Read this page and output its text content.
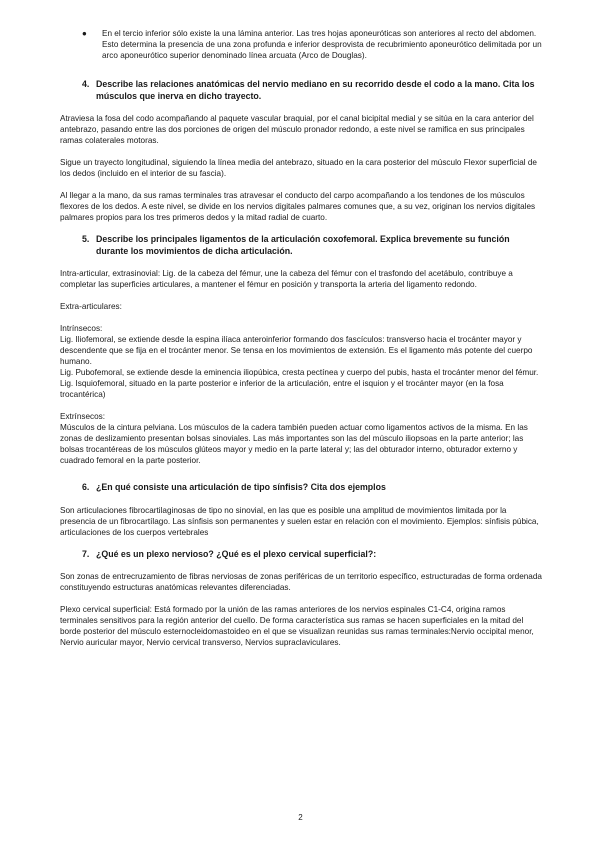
● En el tercio inferior sólo existe la una lámina anterior. Las tres hojas aponeuróticas son anteriores al recto del abdomen. Esto determina la presencia de una zona profunda e inferior desprovista de recubrimiento aponeurótico delimitada por un arco aponeurótico superior denominado línea arcuata (Arco de Douglas).

4. Describe las relaciones anatómicas del nervio mediano en su recorrido desde el codo a la mano. Cita los músculos que inerva en dicho trayecto.

Atraviesa la fosa del codo acompañando al paquete vascular braquial, por el canal bicipital medial y se sitúa en la cara anterior del antebrazo, pasando entre las dos porciones de origen del músculo pronador redondo, a este nivel se ramifica en sus principales ramas colaterales motoras.

Sigue un trayecto longitudinal, siguiendo la línea media del antebrazo, situado en la cara posterior del músculo Flexor superficial de los dedos (incluido en el interior de su fascia).

Al llegar a la mano, da sus ramas terminales tras atravesar el conducto del carpo acompañando a los tendones de los músculos flexores de los dedos. A este nivel, se divide en los nervios digitales palmares comunes que, a su vez, originan los nervios digitales palmares propios para los tres primeros dedos y la mitad radial de cuarto.

5. Describe los principales ligamentos de la articulación coxofemoral. Explica brevemente su función durante los movimientos de dicha articulación.

Intra-articular, extrasinovial: Lig. de la cabeza del fémur, une la cabeza del fémur con el trasfondo del acetábulo, contribuye a completar las superficies articulares, a mantener el fémur en posición y transporta la arteria del ligamento redondo.

Extra-articulares:

Intrínsecos:

Lig. Iliofemoral, se extiende desde la espina ilíaca anteroinferior formando dos fascículos: transverso hacia el trocánter mayor y descendente que se fija en el trocánter menor. Se tensa en los movimientos de extensión. Es el ligamento más potente del cuerpo humano.

Lig. Pubofemoral, se extiende desde la eminencia iliopúbica, cresta pectínea y cuerpo del pubis, hasta el trocánter menor del fémur.

Lig. Isquiofemoral, situado en la parte posterior e inferior de la articulación, entre el isquion y el trocánter mayor (en la fosa trocantérica)

Extrínsecos:

Músculos de la cintura pelviana. Los músculos de la cadera también pueden actuar como ligamentos activos de la misma. En las zonas de deslizamiento presentan bolsas sinoviales. Las más importantes son las del músculo iliopsoas en la parte anterior; las bolsas trocantéreas de los músculos glúteos mayor y medio en la parte lateral y; las del obturador interno, obturador externo y cuadrado femoral en la parte posterior.

6. ¿En qué consiste una articulación de tipo sínfisis? Cita dos ejemplos

Son articulaciones fibrocartilaginosas de tipo no sinovial, en las que es posible una amplitud de movimientos limitada por la presencia de un fibrocartílago. Las sínfisis son permanentes y suelen estar en relación con el movimiento. Ejemplos: sínfisis púbica, articulaciones de los cuerpos vertebrales

7. ¿Qué es un plexo nervioso? ¿Qué es el plexo cervical superficial?:

Son zonas de entrecruzamiento de fibras nerviosas de zonas periféricas de un territorio específico, estructuradas de forma ordenada constituyendo estructuras anatómicas relevantes diferenciadas.

Plexo cervical superficial: Está formado por la unión de las ramas anteriores de los nervios espinales C1-C4, origina ramos terminales sensitivos para la región anterior del cuello. De forma característica sus ramas se hacen superficiales en la mitad del borde posterior del músculo esternocleidomastoideo en el que se visualizan reunidas sus ramas terminales:Nervio occipital menor, Nervio auricular mayor, Nervio cervical transverso, Nervios supraclaviculares.

2
